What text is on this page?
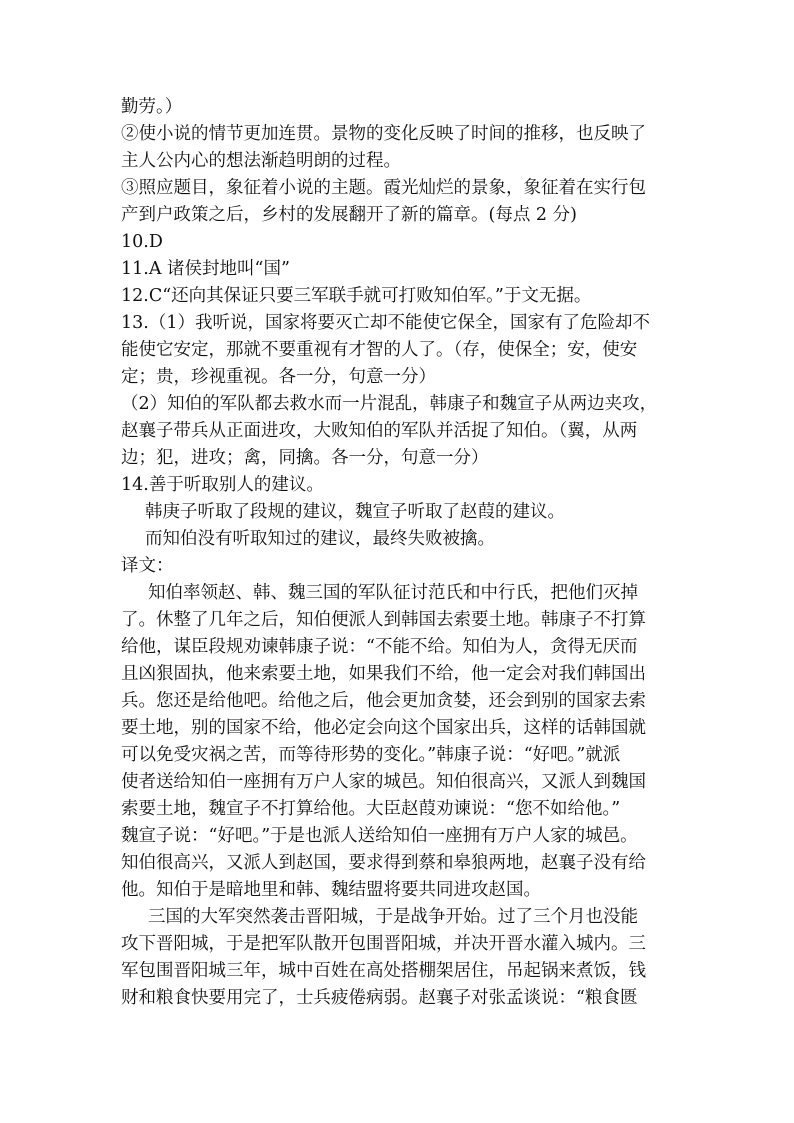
勤劳。）
②使小说的情节更加连贯。景物的变化反映了时间的推移，也反映了
主人公内心的想法渐趋明朗的过程。
③照应题目，象征着小说的主题。霞光灿烂的景象，象征着在实行包
产到户政策之后，乡村的发展翻开了新的篇章。(每点 2 分)
10.D
11.A 诸侯封地叫“国”
12.C“还向其保证只要三军联手就可打败知伯军。”于文无据。
13.（1）我听说，国家将要灭亡却不能使它保全，国家有了危险却不
能使它安定，那就不要重视有才智的人了。（存，使保全；安，使安
定；贵，珍视重视。各一分，句意一分）
（2）知伯的军队都去救水而一片混乱，韩康子和魏宣子从两边夹攻，
赵襄子带兵从正面进攻，大败知伯的军队并活捉了知伯。（翼，从两
边；犯，进攻；禽，同擒。各一分，句意一分）
14.善于听取别人的建议。
韩庚子听取了段规的建议，魏宣子听取了赵葭的建议。
而知伯没有听取知过的建议，最终失败被擒。
译文：
知伯率领赵、韩、魏三国的军队征讨范氏和中行氏，把他们灭掉
了。休整了几年之后，知伯便派人到韩国去索要土地。韩康子不打算
给他，谋臣段规劝谏韩康子说：“不能不给。知伯为人，贪得无厌而
且凶狠固执，他来索要土地，如果我们不给，他一定会对我们韩国出
兵。您还是给他吧。给他之后，他会更加贪婪，还会到别的国家去索
要土地，别的国家不给，他必定会向这个国家出兵，这样的话韩国就
可以免受灾祸之苦，而等待形势的变化。”韩康子说：“好吧。”就派
使者送给知伯一座拥有万户人家的城邑。知伯很高兴，又派人到魏国
索要土地，魏宣子不打算给他。大臣赵葭劝谏说：“您不如给他。”
魏宣子说：“好吧。”于是也派人送给知伯一座拥有万户人家的城邑。
知伯很高兴，又派人到赵国，要求得到蔡和皋狼两地，赵襄子没有给
他。知伯于是暗地里和韩、魏结盟将要共同进攻赵国。
三国的大军突然袭击晋阳城，于是战争开始。过了三个月也没能
攻下晋阳城，于是把军队散开包围晋阳城，并决开晋水灌入城内。三
军包围晋阳城三年，城中百姓在高处搭棚架居住，吊起锅来煮饭，钱
财和粮食快要用完了，士兵疲倦病弱。赵襄子对张孟谈说：“粮食匮
